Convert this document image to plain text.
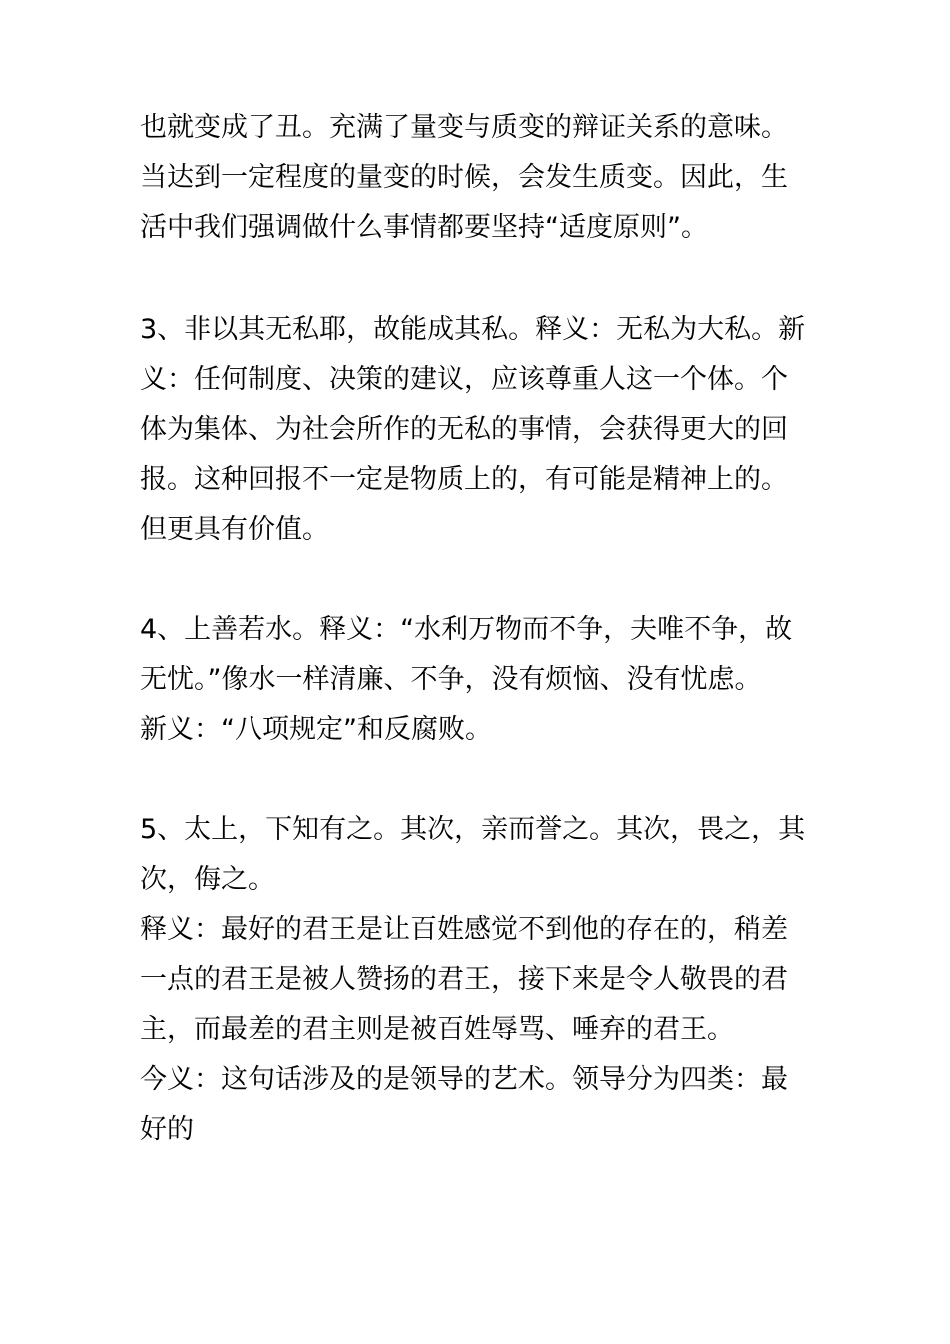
也就变成了丑。充满了量变与质变的辩证关系的意味。
当达到一定程度的量变的时候，会发生质变。因此，生
活中我们强调做什么事情都要坚持“适度原则”。
3、非以其无私耶，故能成其私。释义：无私为大私。新
义：任何制度、决策的建议，应该尊重人这一个体。个
体为集体、为社会所作的无私的事情，会获得更大的回
报。这种回报不一定是物质上的，有可能是精神上的。
但更具有价值。
4、上善若水。释义：“水利万物而不争，夫唯不争，故
无忧。”像水一样清廉、不争，没有烦恼、没有忧虑。
新义：“八项规定”和反腐败。
5、太上，下知有之。其次，亲而誉之。其次，畏之，其
次，侮之。
释义：最好的君王是让百姓感觉不到他的存在的，稍差
一点的君王是被人赞扬的君王，接下来是令人敬畏的君
主，而最差的君主则是被百姓辱骂、唾弃的君王。
今义：这句话涉及的是领导的艺术。领导分为四类：最
好的
